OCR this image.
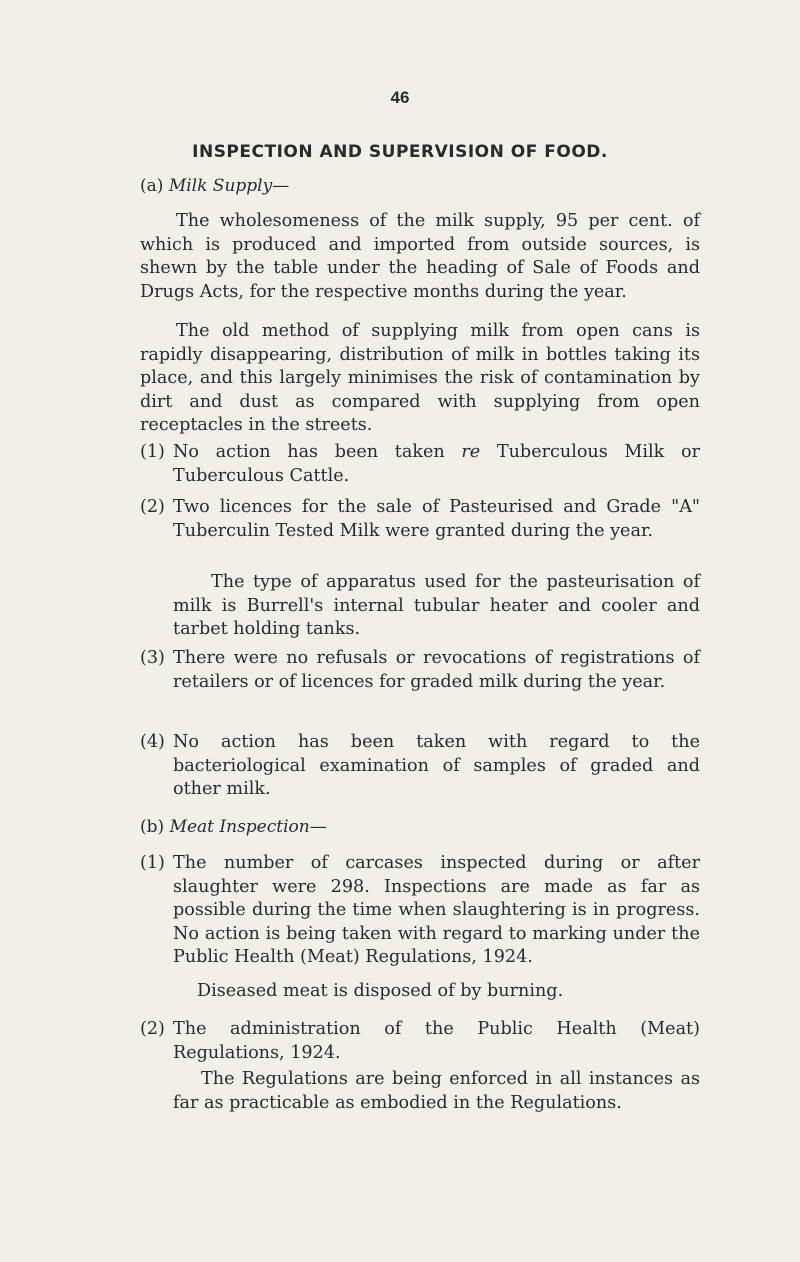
46
INSPECTION AND SUPERVISION OF FOOD.
(a) Milk Supply—
The wholesomeness of the milk supply, 95 per cent. of which is produced and imported from outside sources, is shewn by the table under the heading of Sale of Foods and Drugs Acts, for the respective months during the year.
The old method of supplying milk from open cans is rapidly disappearing, distribution of milk in bottles taking its place, and this largely minimises the risk of contamination by dirt and dust as compared with supplying from open receptacles in the streets.
(1) No action has been taken re Tuberculous Milk or Tuberculous Cattle.
(2) Two licences for the sale of Pasteurised and Grade "A" Tuberculin Tested Milk were granted during the year.
The type of apparatus used for the pasteurisation of milk is Burrell's internal tubular heater and cooler and tarbet holding tanks.
(3) There were no refusals or revocations of registrations of retailers or of licences for graded milk during the year.
(4) No action has been taken with regard to the bacteriological examination of samples of graded and other milk.
(b) Meat Inspection—
(1) The number of carcases inspected during or after slaughter were 298. Inspections are made as far as possible during the time when slaughtering is in progress. No action is being taken with regard to marking under the Public Health (Meat) Regulations, 1924.
Diseased meat is disposed of by burning.
(2) The administration of the Public Health (Meat) Regulations, 1924.
The Regulations are being enforced in all instances as far as practicable as embodied in the Regulations.
